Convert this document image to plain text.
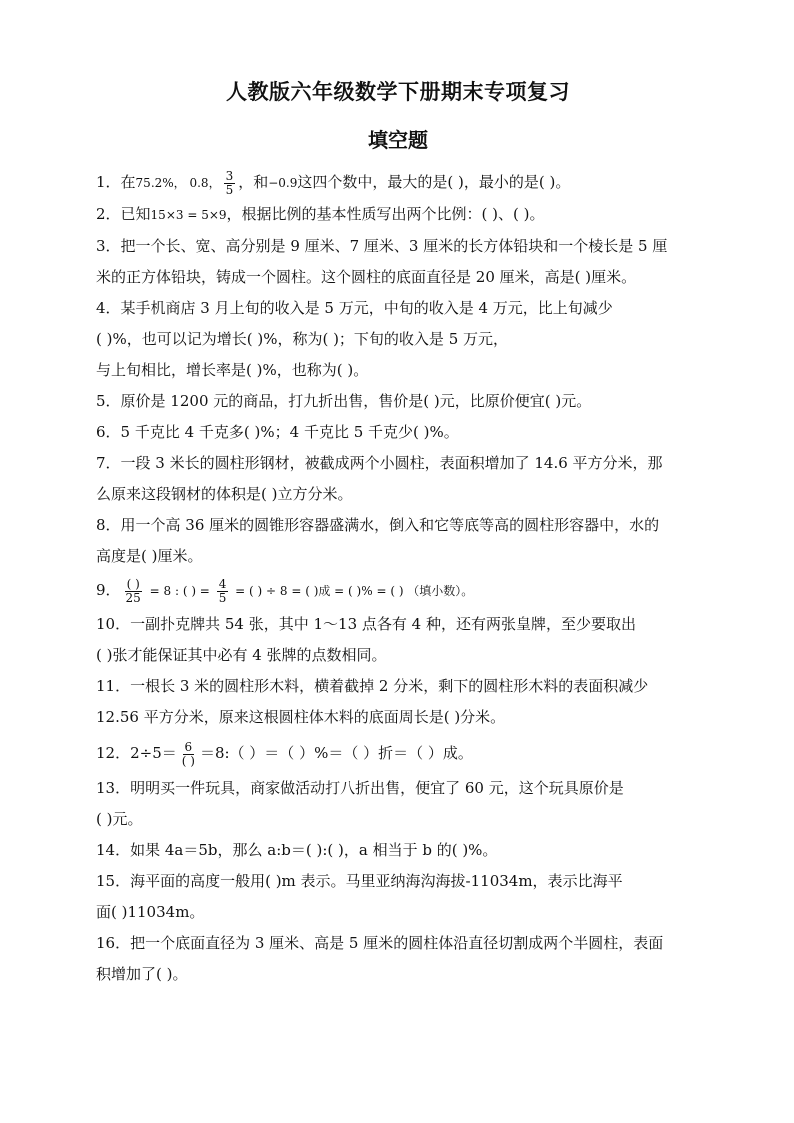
人教版六年级数学下册期末专项复习
填空题
1．在75.2%， 0.8， $\frac{3}{5}$ ，和−0.9这四个数中，最大的是( )，最小的是( )。
2．已知15×3 = 5×9，根据比例的基本性质写出两个比例：( )、( )。
3．把一个长、宽、高分别是 9 厘米、7 厘米、3 厘米的长方体铅块和一个棱长是 5 厘
米的正方体铅块，铸成一个圆柱。这个圆柱的底面直径是 20 厘米，高是( )厘米。
4．某手机商店 3 月上旬的收入是 5 万元，中旬的收入是 4 万元，比上旬减少
( )%，也可以记为增长( )%，称为( )；下旬的收入是 5 万元，
与上旬相比，增长率是( )%，也称为( )。
5．原价是 1200 元的商品，打九折出售，售价是( )元，比原价便宜( )元。
6．5 千克比 4 千克多( )%；4 千克比 5 千克少( )%。
7．一段 3 米长的圆柱形钢材，被截成两个小圆柱，表面积增加了 14.6 平方分米，那
么原来这段钢材的体积是( )立方分米。
8．用一个高 36 厘米的圆锥形容器盛满水，倒入和它等底等高的圆柱形容器中，水的
高度是( )厘米。
9． $\frac{( )}{25} = 8$ : ( ) = $\frac{4}{5}$ = ( ) ÷ 8 = ( )成 = ( )% = ( ) （填小数）。
10．一副扑克牌共 54 张，其中 1～13 点各有 4 种，还有两张皇牌，至少要取出
( )张才能保证其中必有 4 张牌的点数相同。
11．一根长 3 米的圆柱形木料，横着截掉 2 分米，剩下的圆柱形木料的表面积减少
12.56 平方分米，原来这根圆柱体木料的底面周长是( )分米。
12．$2\div 5= \frac{6}{( )}$ ＝8:（ ）＝（ ）%＝（ ）折＝（ ）成。
13．明明买一件玩具，商家做活动打八折出售，便宜了 60 元，这个玩具原价是
( )元。
14．如果 4a＝5b，那么 a:b＝( ):( )，a 相当于 b 的( )%。
15．海平面的高度一般用( )m 表示。马里亚纳海沟海拔-11034m，表示比海平
面( )11034m。
16．把一个底面直径为 3 厘米、高是 5 厘米的圆柱体沿直径切割成两个半圆柱，表面
积增加了( )。
